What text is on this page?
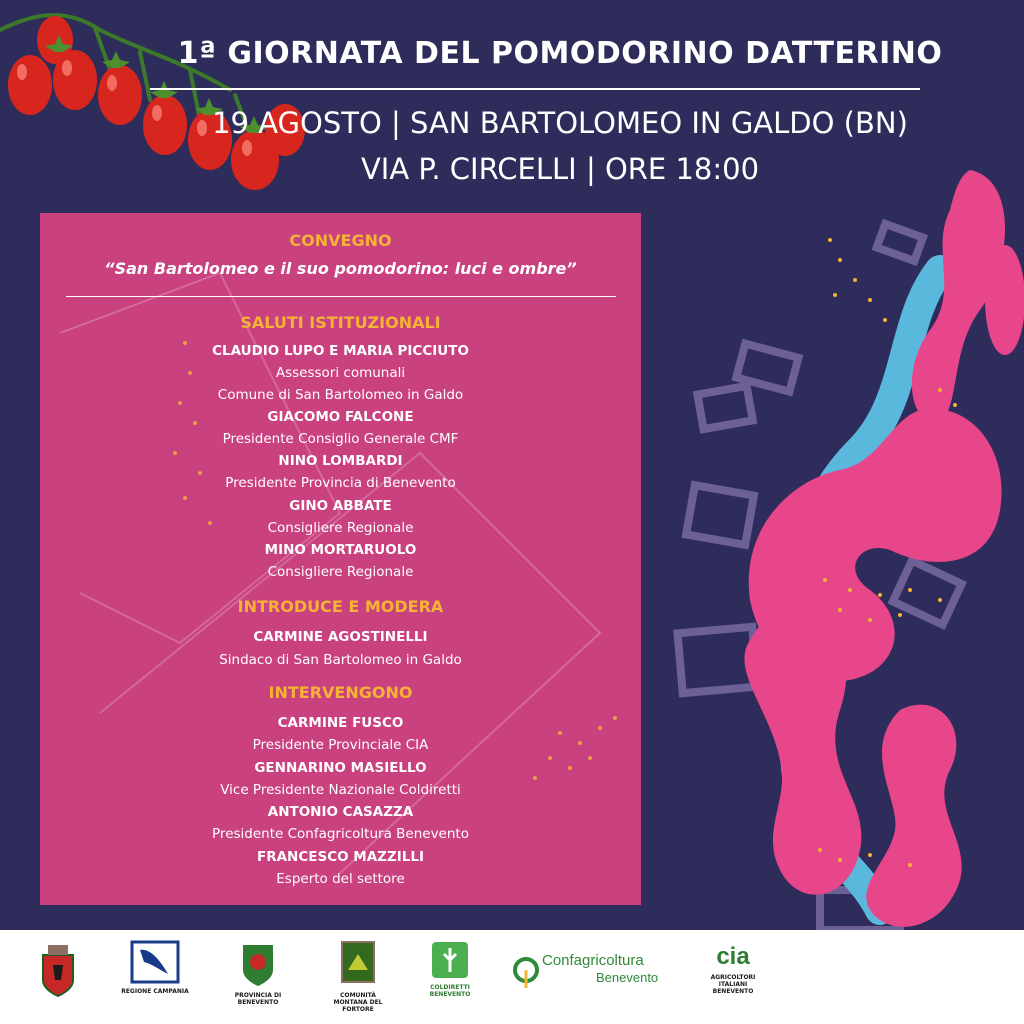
1ª GIORNATA DEL POMODORINO DATTERINO
19 AGOSTO | SAN BARTOLOMEO IN GALDO (BN)
VIA P. CIRCELLI | ORE 18:00
CONVEGNO
“San Bartolomeo e il suo pomodorino: luci e ombre”
SALUTI ISTITUZIONALI
CLAUDIO LUPO E MARIA PICCIUTO
Assessori comunali
Comune di San Bartolomeo in Galdo
GIACOMO FALCONE
Presidente Consiglio Generale CMF
NINO LOMBARDI
Presidente Provincia di Benevento
GINO ABBATE
Consigliere Regionale
MINO MORTARUOLO
Consigliere Regionale
INTRODUCE E MODERA
CARMINE AGOSTINELLI
Sindaco di San Bartolomeo in Galdo
INTERVENGONO
CARMINE FUSCO
Presidente Provinciale CIA
GENNARINO MASIELLO
Vice Presidente Nazionale Coldiretti
ANTONIO CASAZZA
Presidente Confagricoltura Benevento
FRANCESCO MAZZILLI
Esperto del settore
REGIONE CAMPANIA
PROVINCIA DI BENEVENTO
COMUNITÀ MONTANA DEL FORTORE
COLDIRETTI
BENEVENTO
Confagricoltura
Benevento
cia
AGRICOLTORI ITALIANI
BENEVENTO
